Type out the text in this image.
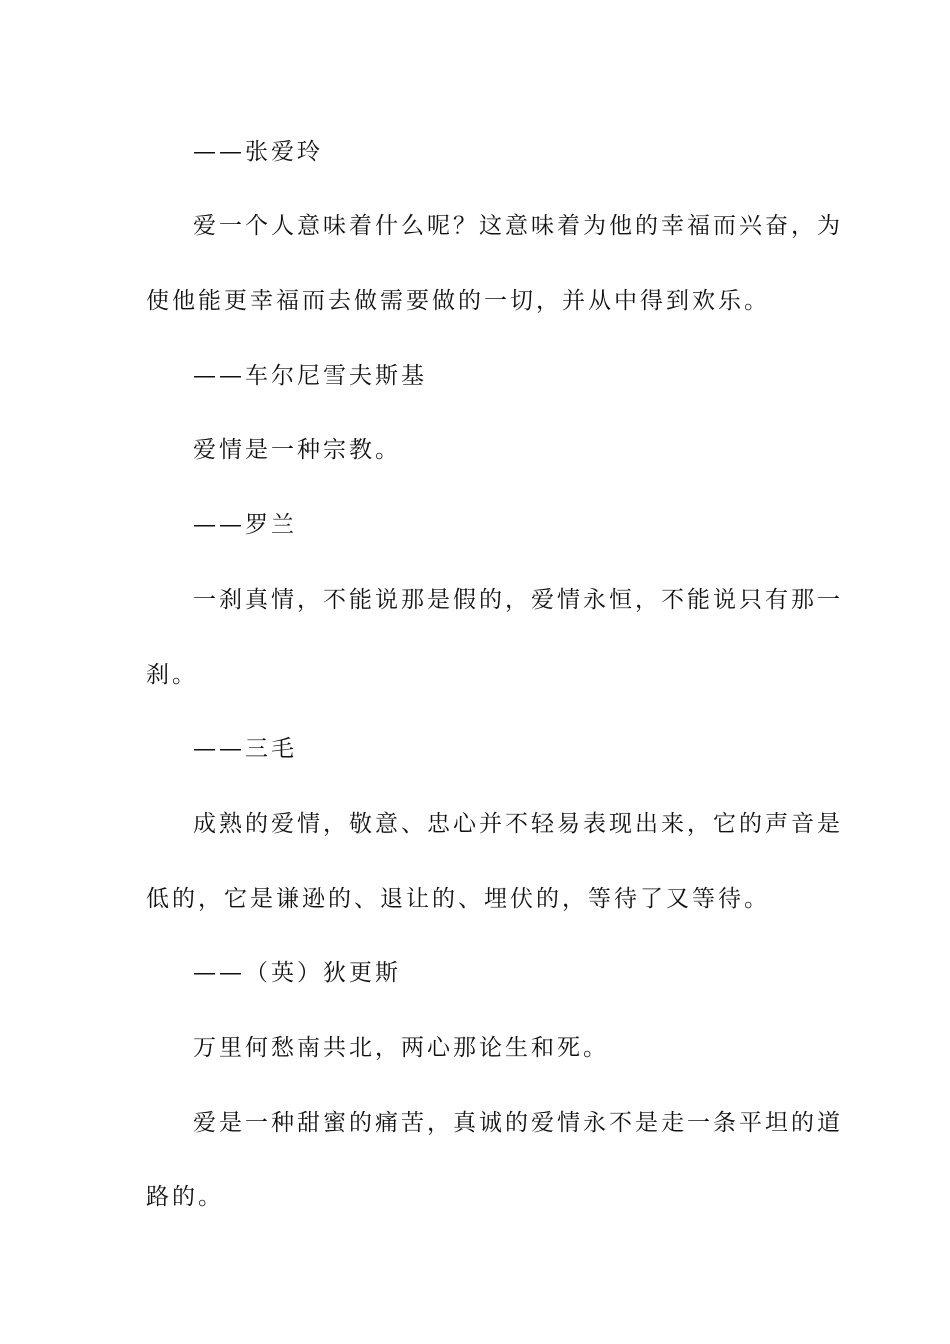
——张爱玲
爱一个人意味着什么呢？这意味着为他的幸福而兴奋，为
使他能更幸福而去做需要做的一切，并从中得到欢乐。
——车尔尼雪夫斯基
爱情是一种宗教。
——罗兰
一刹真情，不能说那是假的，爱情永恒，不能说只有那一
刹。
——三毛
成熟的爱情，敬意、忠心并不轻易表现出来，它的声音是
低的，它是谦逊的、退让的、埋伏的，等待了又等待。
——（英）狄更斯
万里何愁南共北，两心那论生和死。
爱是一种甜蜜的痛苦，真诚的爱情永不是走一条平坦的道
路的。
